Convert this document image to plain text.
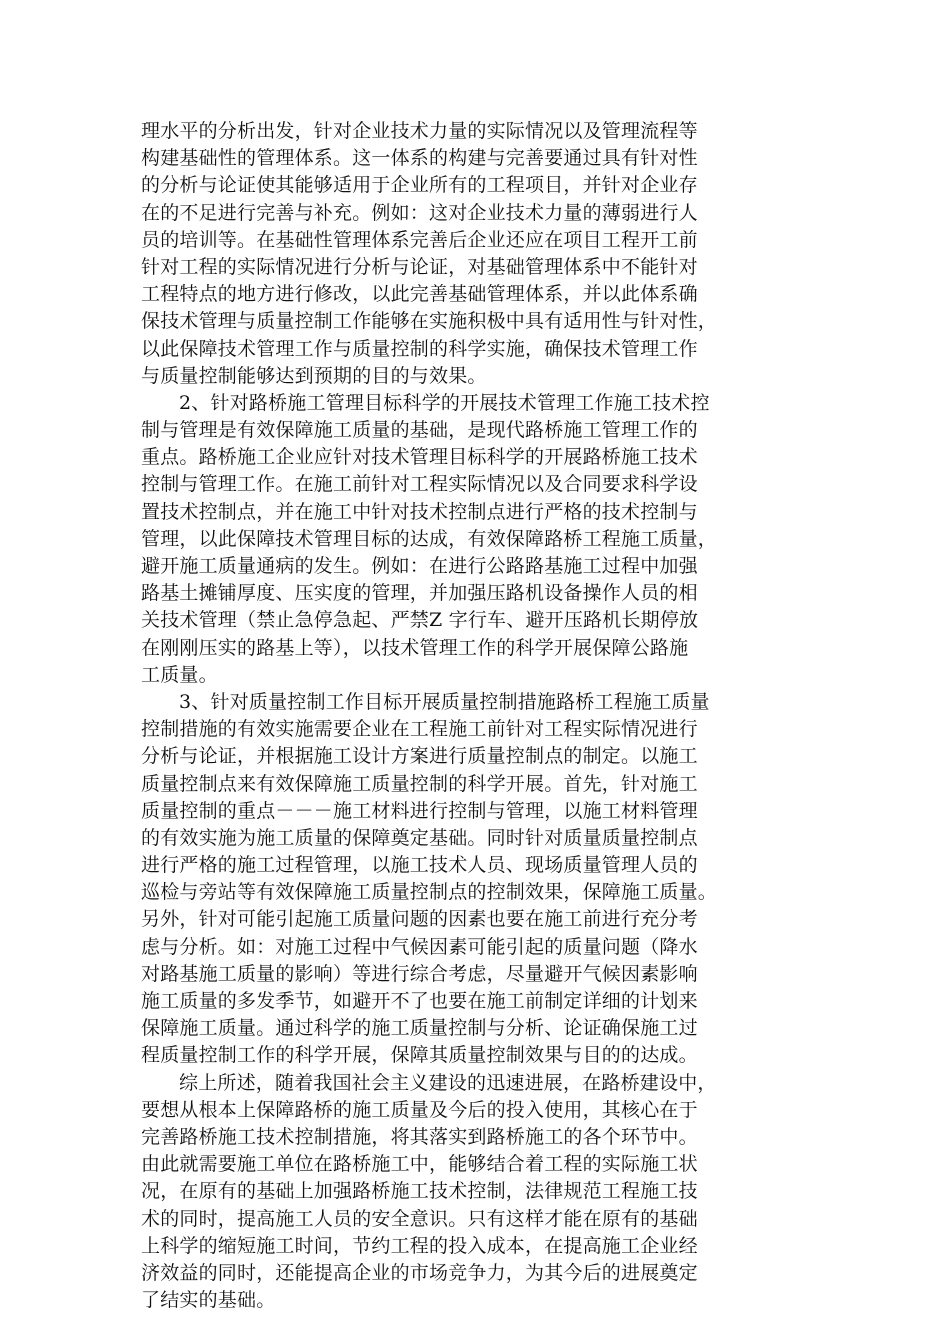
理水平的分析出发，针对企业技术力量的实际情况以及管理流程等
构建基础性的管理体系。这一体系的构建与完善要通过具有针对性
的分析与论证使其能够适用于企业所有的工程项目，并针对企业存
在的不足进行完善与补充。例如：这对企业技术力量的薄弱进行人
员的培训等。在基础性管理体系完善后企业还应在项目工程开工前
针对工程的实际情况进行分析与论证，对基础管理体系中不能针对
工程特点的地方进行修改，以此完善基础管理体系，并以此体系确
保技术管理与质量控制工作能够在实施积极中具有适用性与针对性，
以此保障技术管理工作与质量控制的科学实施，确保技术管理工作
与质量控制能够达到预期的目的与效果。
2、针对路桥施工管理目标科学的开展技术管理工作施工技术控
制与管理是有效保障施工质量的基础，是现代路桥施工管理工作的
重点。路桥施工企业应针对技术管理目标科学的开展路桥施工技术
控制与管理工作。在施工前针对工程实际情况以及合同要求科学设
置技术控制点，并在施工中针对技术控制点进行严格的技术控制与
管理，以此保障技术管理目标的达成，有效保障路桥工程施工质量，
避开施工质量通病的发生。例如：在进行公路路基施工过程中加强
路基土摊铺厚度、压实度的管理，并加强压路机设备操作人员的相
关技术管理（禁止急停急起、严禁Z 字行车、避开压路机长期停放
在刚刚压实的路基上等），以技术管理工作的科学开展保障公路施
工质量。
3、针对质量控制工作目标开展质量控制措施路桥工程施工质量
控制措施的有效实施需要企业在工程施工前针对工程实际情况进行
分析与论证，并根据施工设计方案进行质量控制点的制定。以施工
质量控制点来有效保障施工质量控制的科学开展。首先，针对施工
质量控制的重点－－－施工材料进行控制与管理，以施工材料管理
的有效实施为施工质量的保障奠定基础。同时针对质量质量控制点
进行严格的施工过程管理，以施工技术人员、现场质量管理人员的
巡检与旁站等有效保障施工质量控制点的控制效果，保障施工质量。
另外，针对可能引起施工质量问题的因素也要在施工前进行充分考
虑与分析。如：对施工过程中气候因素可能引起的质量问题（降水
对路基施工质量的影响）等进行综合考虑，尽量避开气候因素影响
施工质量的多发季节，如避开不了也要在施工前制定详细的计划来
保障施工质量。通过科学的施工质量控制与分析、论证确保施工过
程质量控制工作的科学开展，保障其质量控制效果与目的的达成。
综上所述，随着我国社会主义建设的迅速进展，在路桥建设中，
要想从根本上保障路桥的施工质量及今后的投入使用，其核心在于
完善路桥施工技术控制措施，将其落实到路桥施工的各个环节中。
由此就需要施工单位在路桥施工中，能够结合着工程的实际施工状
况，在原有的基础上加强路桥施工技术控制，法律规范工程施工技
术的同时，提高施工人员的安全意识。只有这样才能在原有的基础
上科学的缩短施工时间，节约工程的投入成本，在提高施工企业经
济效益的同时，还能提高企业的市场竞争力，为其今后的进展奠定
了结实的基础。
